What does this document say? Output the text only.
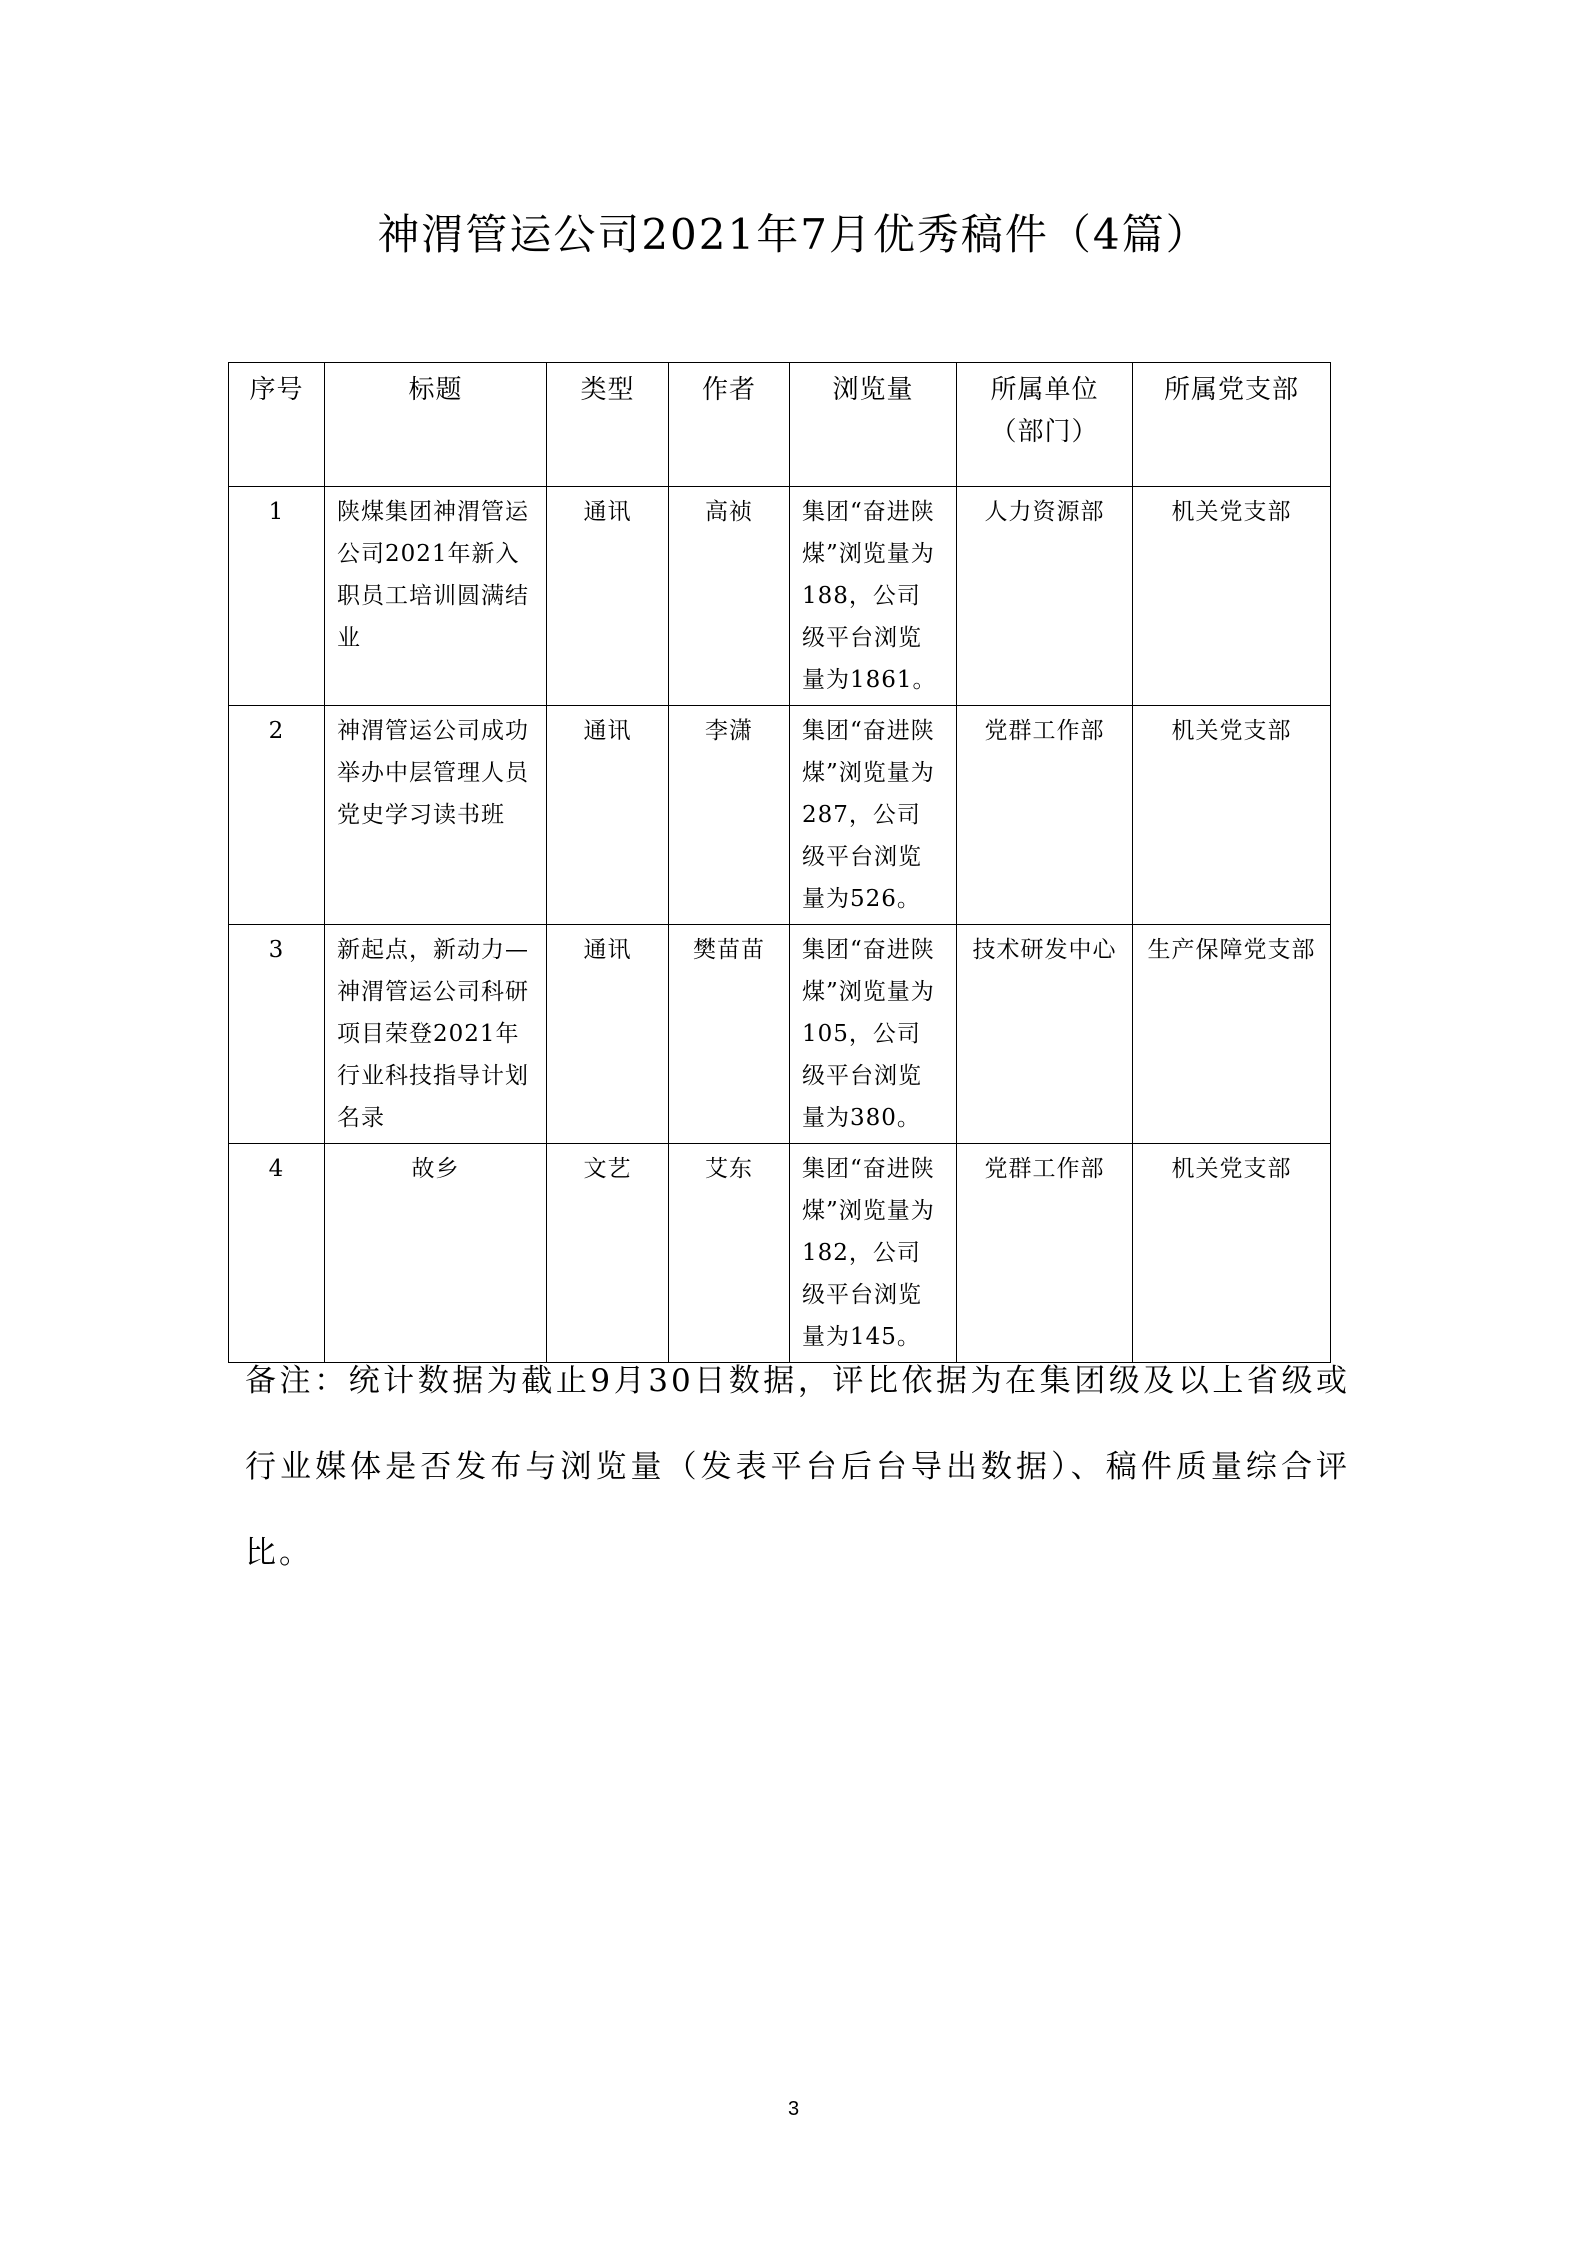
神渭管运公司2021年7月优秀稿件（4篇）
序号	标题	类型	作者	浏览量	所属单位（部门）	所属党支部
1	陕煤集团神渭管运公司2021年新入职员工培训圆满结业	通讯	高祯	集团“奋进陕煤”浏览量为188，公司级平台浏览量为1861。	人力资源部	机关党支部
2	神渭管运公司成功举办中层管理人员党史学习读书班	通讯	李潇	集团“奋进陕煤”浏览量为287，公司级平台浏览量为526。	党群工作部	机关党支部
3	新起点，新动力—神渭管运公司科研项目荣登2021年行业科技指导计划名录	通讯	樊苗苗	集团“奋进陕煤”浏览量为105，公司级平台浏览量为380。	技术研发中心	生产保障党支部
4	故乡	文艺	艾东	集团“奋进陕煤”浏览量为182，公司级平台浏览量为145。	党群工作部	机关党支部
备注：统计数据为截止9月30日数据，评比依据为在集团级及以上省级或行业媒体是否发布与浏览量（发表平台后台导出数据）、稿件质量综合评比。
3
